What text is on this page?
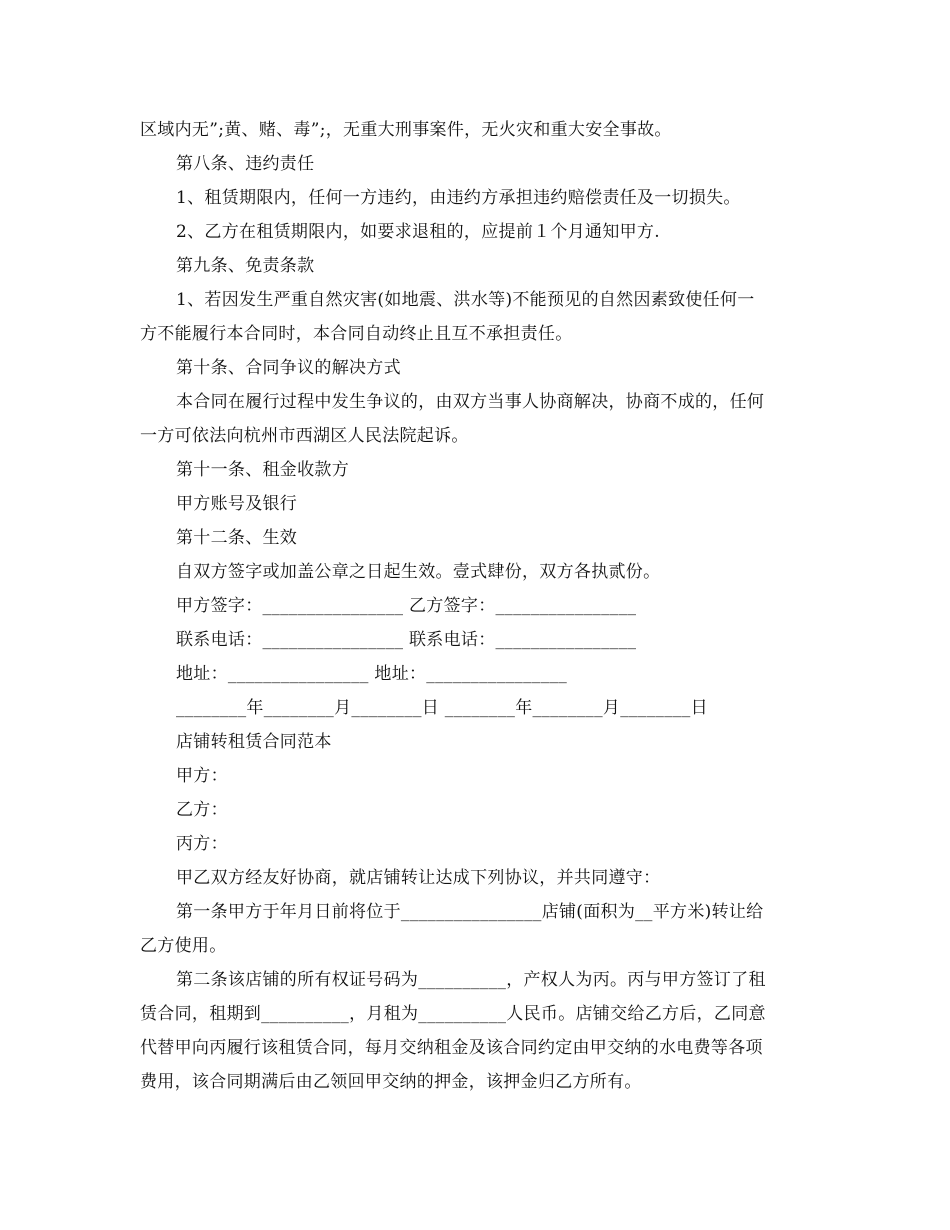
区域内无”;黄、赌、毒”;，无重大刑事案件，无火灾和重大安全事故。
第八条、违约责任
1、租赁期限内，任何一方违约，由违约方承担违约赔偿责任及一切损失。
2、乙方在租赁期限内，如要求退租的，应提前１个月通知甲方.
第九条、免责条款
1、若因发生严重自然灾害(如地震、洪水等)不能预见的自然因素致使任何一
方不能履行本合同时，本合同自动终止且互不承担责任。
第十条、合同争议的解决方式
本合同在履行过程中发生争议的，由双方当事人协商解决，协商不成的，任何
一方可依法向杭州市西湖区人民法院起诉。
第十一条、租金收款方
甲方账号及银行
第十二条、生效
自双方签字或加盖公章之日起生效。壹式肆份，双方各执贰份。
甲方签字：________________ 乙方签字：________________
联系电话：________________ 联系电话：________________
地址：________________ 地址：________________
________年________月________日 ________年________月________日
店铺转租赁合同范本
甲方：
乙方：
丙方：
甲乙双方经友好协商，就店铺转让达成下列协议，并共同遵守：
第一条甲方于年月日前将位于________________店铺(面积为__平方米)转让给
乙方使用。
第二条该店铺的所有权证号码为__________，产权人为丙。丙与甲方签订了租
赁合同，租期到__________，月租为__________人民币。店铺交给乙方后，乙同意
代替甲向丙履行该租赁合同，每月交纳租金及该合同约定由甲交纳的水电费等各项
费用，该合同期满后由乙领回甲交纳的押金，该押金归乙方所有。
